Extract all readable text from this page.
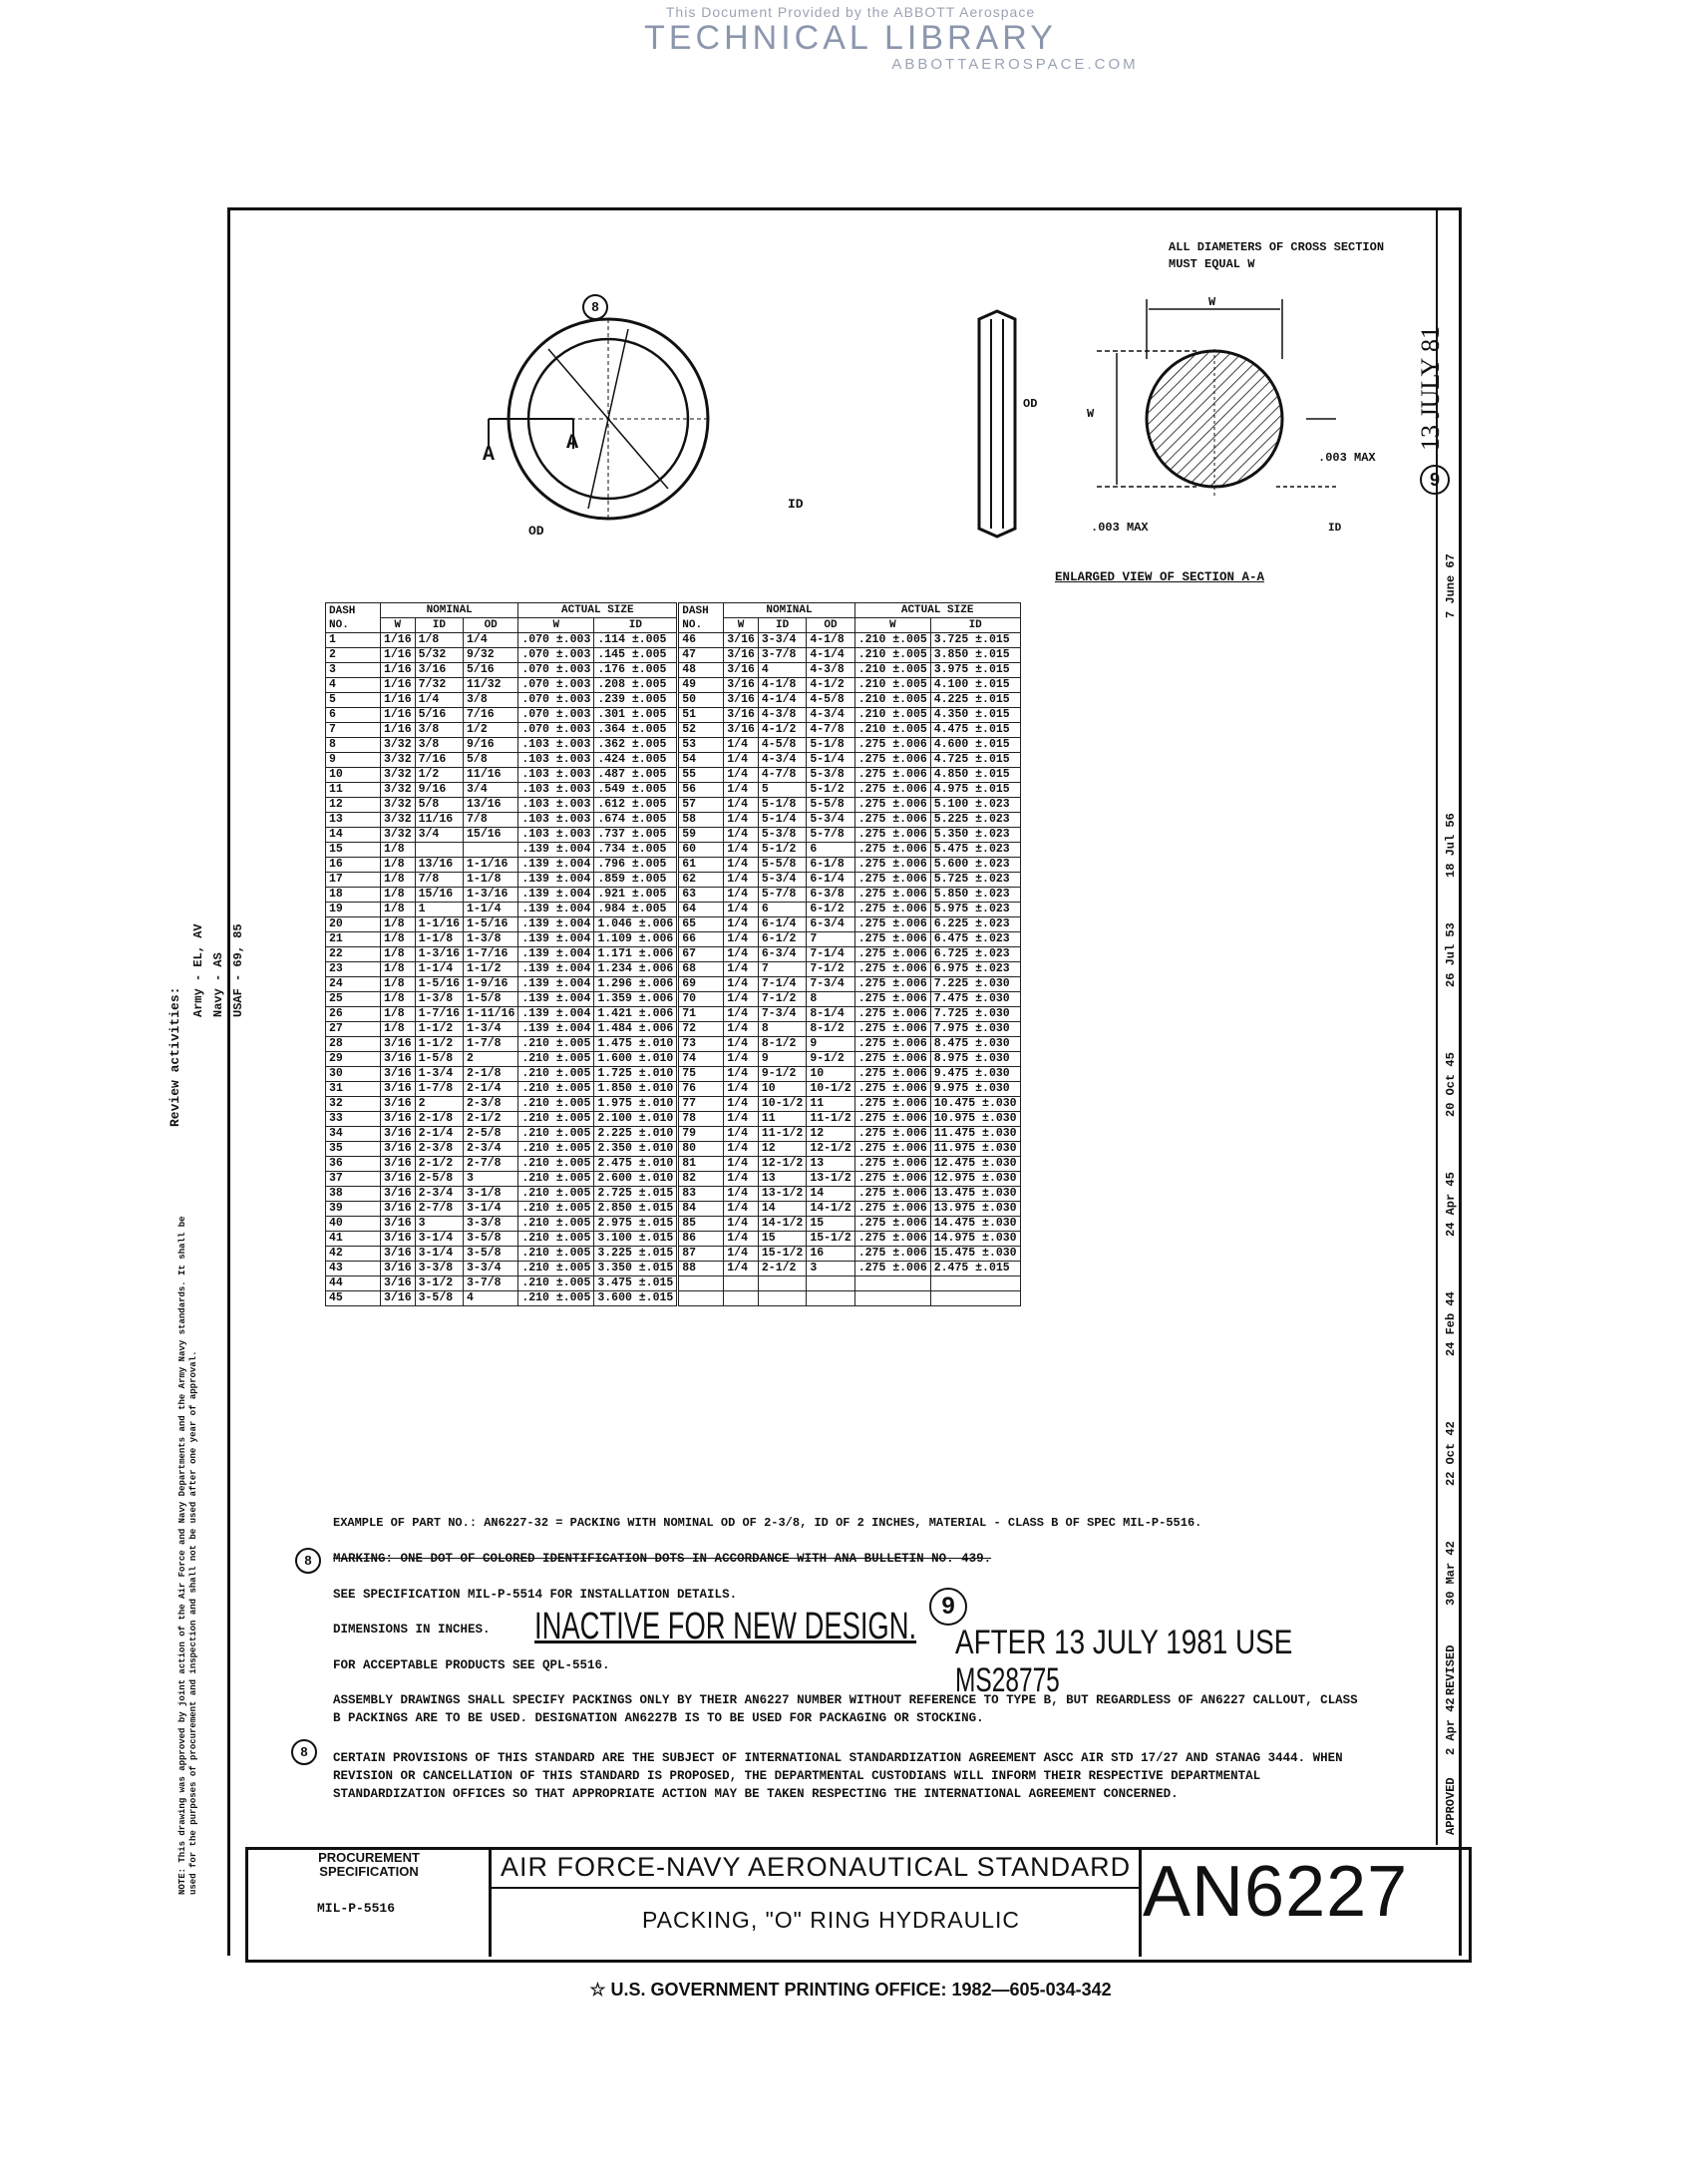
This Document Provided by the ABBOTT Aerospace
TECHNICAL LIBRARY
ABBOTTAEROSPACE.COM
8
A
A
OD
ID
OD
ALL DIAMETERS OF CROSS SECTION MUST EQUAL W
W
W
.003 MAX
.003 MAX	ID
ENLARGED VIEW OF SECTION A-A
DASH NO.	NOMINAL			ACTUAL SIZE		DASH NO.	NOMINAL			ACTUAL SIZE	
	W	ID	OD	W	ID		W	ID	OD	W	ID
1	1/16	1/8	1/4	.070 ±.003	.114 ±.005	46	3/16	3-3/4	4-1/8	.210 ±.005	3.725 ±.015
2	1/16	5/32	9/32	.070 ±.003	.145 ±.005	47	3/16	3-7/8	4-1/4	.210 ±.005	3.850 ±.015
3	1/16	3/16	5/16	.070 ±.003	.176 ±.005	48	3/16	4	4-3/8	.210 ±.005	3.975 ±.015
4	1/16	7/32	11/32	.070 ±.003	.208 ±.005	49	3/16	4-1/8	4-1/2	.210 ±.005	4.100 ±.015
5	1/16	1/4	3/8	.070 ±.003	.239 ±.005	50	3/16	4-1/4	4-5/8	.210 ±.005	4.225 ±.015
6	1/16	5/16	7/16	.070 ±.003	.301 ±.005	51	3/16	4-3/8	4-3/4	.210 ±.005	4.350 ±.015
7	1/16	3/8	1/2	.070 ±.003	.364 ±.005	52	3/16	4-1/2	4-7/8	.210 ±.005	4.475 ±.015
8	3/32	3/8	9/16	.103 ±.003	.362 ±.005	53	1/4	4-5/8	5-1/8	.275 ±.006	4.600 ±.015
9	3/32	7/16	5/8	.103 ±.003	.424 ±.005	54	1/4	4-3/4	5-1/4	.275 ±.006	4.725 ±.015
10	3/32	1/2	11/16	.103 ±.003	.487 ±.005	55	1/4	4-7/8	5-3/8	.275 ±.006	4.850 ±.015
11	3/32	9/16	3/4	.103 ±.003	.549 ±.005	56	1/4	5	5-1/2	.275 ±.006	4.975 ±.015
12	3/32	5/8	13/16	.103 ±.003	.612 ±.005	57	1/4	5-1/8	5-5/8	.275 ±.006	5.100 ±.023
13	3/32	11/16	7/8	.103 ±.003	.674 ±.005	58	1/4	5-1/4	5-3/4	.275 ±.006	5.225 ±.023
14	3/32	3/4	15/16	.103 ±.003	.737 ±.005	59	1/4	5-3/8	5-7/8	.275 ±.006	5.350 ±.023
15	1/8			.139 ±.004	.734 ±.005	60	1/4	5-1/2	6	.275 ±.006	5.475 ±.023
16	1/8	13/16	1-1/16	.139 ±.004	.796 ±.005	61	1/4	5-5/8	6-1/8	.275 ±.006	5.600 ±.023
17	1/8	7/8	1-1/8	.139 ±.004	.859 ±.005	62	1/4	5-3/4	6-1/4	.275 ±.006	5.725 ±.023
18	1/8	15/16	1-3/16	.139 ±.004	.921 ±.005	63	1/4	5-7/8	6-3/8	.275 ±.006	5.850 ±.023
19	1/8	1	1-1/4	.139 ±.004	.984 ±.005	64	1/4	6	6-1/2	.275 ±.006	5.975 ±.023
20	1/8	1-1/16	1-5/16	.139 ±.004	1.046 ±.006	65	1/4	6-1/4	6-3/4	.275 ±.006	6.225 ±.023
21	1/8	1-1/8	1-3/8	.139 ±.004	1.109 ±.006	66	1/4	6-1/2	7	.275 ±.006	6.475 ±.023
22	1/8	1-3/16	1-7/16	.139 ±.004	1.171 ±.006	67	1/4	6-3/4	7-1/4	.275 ±.006	6.725 ±.023
23	1/8	1-1/4	1-1/2	.139 ±.004	1.234 ±.006	68	1/4	7	7-1/2	.275 ±.006	6.975 ±.023
24	1/8	1-5/16	1-9/16	.139 ±.004	1.296 ±.006	69	1/4	7-1/4	7-3/4	.275 ±.006	7.225 ±.030
25	1/8	1-3/8	1-5/8	.139 ±.004	1.359 ±.006	70	1/4	7-1/2	8	.275 ±.006	7.475 ±.030
26	1/8	1-7/16	1-11/16	.139 ±.004	1.421 ±.006	71	1/4	7-3/4	8-1/4	.275 ±.006	7.725 ±.030
27	1/8	1-1/2	1-3/4	.139 ±.004	1.484 ±.006	72	1/4	8	8-1/2	.275 ±.006	7.975 ±.030
28	3/16	1-1/2	1-7/8	.210 ±.005	1.475 ±.010	73	1/4	8-1/2	9	.275 ±.006	8.475 ±.030
29	3/16	1-5/8	2	.210 ±.005	1.600 ±.010	74	1/4	9	9-1/2	.275 ±.006	8.975 ±.030
30	3/16	1-3/4	2-1/8	.210 ±.005	1.725 ±.010	75	1/4	9-1/2	10	.275 ±.006	9.475 ±.030
31	3/16	1-7/8	2-1/4	.210 ±.005	1.850 ±.010	76	1/4	10	10-1/2	.275 ±.006	9.975 ±.030
32	3/16	2	2-3/8	.210 ±.005	1.975 ±.010	77	1/4	10-1/2	11	.275 ±.006	10.475 ±.030
33	3/16	2-1/8	2-1/2	.210 ±.005	2.100 ±.010	78	1/4	11	11-1/2	.275 ±.006	10.975 ±.030
34	3/16	2-1/4	2-5/8	.210 ±.005	2.225 ±.010	79	1/4	11-1/2	12	.275 ±.006	11.475 ±.030
35	3/16	2-3/8	2-3/4	.210 ±.005	2.350 ±.010	80	1/4	12	12-1/2	.275 ±.006	11.975 ±.030
36	3/16	2-1/2	2-7/8	.210 ±.005	2.475 ±.010	81	1/4	12-1/2	13	.275 ±.006	12.475 ±.030
37	3/16	2-5/8	3	.210 ±.005	2.600 ±.010	82	1/4	13	13-1/2	.275 ±.006	12.975 ±.030
38	3/16	2-3/4	3-1/8	.210 ±.005	2.725 ±.015	83	1/4	13-1/2	14	.275 ±.006	13.475 ±.030
39	3/16	2-7/8	3-1/4	.210 ±.005	2.850 ±.015	84	1/4	14	14-1/2	.275 ±.006	13.975 ±.030
40	3/16	3	3-3/8	.210 ±.005	2.975 ±.015	85	1/4	14-1/2	15	.275 ±.006	14.475 ±.030
41	3/16	3-1/4	3-5/8	.210 ±.005	3.100 ±.015	86	1/4	15	15-1/2	.275 ±.006	14.975 ±.030
42	3/16	3-1/4	3-5/8	.210 ±.005	3.225 ±.015	87	1/4	15-1/2	16	.275 ±.006	15.475 ±.030
43	3/16	3-3/8	3-3/4	.210 ±.005	3.350 ±.015	88	1/4	2-1/2	3	.275 ±.006	2.475 ±.015
44	3/16	3-1/2	3-7/8	.210 ±.005	3.475 ±.015						
45	3/16	3-5/8	4	.210 ±.005	3.600 ±.015						
EXAMPLE OF PART NO.: AN6227-32 = PACKING WITH NOMINAL OD OF 2-3/8, ID OF 2 INCHES, MATERIAL - CLASS B OF SPEC MIL-P-5516.
8	MARKING: ONE DOT OF COLORED IDENTIFICATION DOTS IN ACCORDANCE WITH ANA BULLETIN NO. 439.
SEE SPECIFICATION MIL-P-5514 FOR INSTALLATION DETAILS.
DIMENSIONS IN INCHES. INACTIVE FOR NEW DESIGN.	9
AFTER 13 JULY 1981 USE
MS28775
FOR ACCEPTABLE PRODUCTS SEE QPL-5516.
ASSEMBLY DRAWINGS SHALL SPECIFY PACKINGS ONLY BY THEIR AN6227 NUMBER WITHOUT REFERENCE TO TYPE B, BUT REGARDLESS OF AN6227 CALLOUT, CLASS B PACKINGS ARE TO BE USED. DESIGNATION AN6227B IS TO BE USED FOR PACKAGING OR STOCKING.
8	CERTAIN PROVISIONS OF THIS STANDARD ARE THE SUBJECT OF INTERNATIONAL STANDARDIZATION AGREEMENT ASCC AIR STD 17/27 AND STANAG 3444. WHEN REVISION OR CANCELLATION OF THIS STANDARD IS PROPOSED, THE DEPARTMENTAL CUSTODIANS WILL INFORM THEIR RESPECTIVE DEPARTMENTAL STANDARDIZATION OFFICES SO THAT APPROPRIATE ACTION MAY BE TAKEN RESPECTING THE INTERNATIONAL AGREEMENT CONCERNED.
Review activities:
Army - EL, AV Navy - AS USAF - 69, 85
NOTE: This drawing was approved by joint action of the Air Force and Navy Departments and the Army Navy standards. It shall be used for the purposes of procurement and inspection and shall not be used after one year of approval.	APPROVED
2 Apr 42
REVISED
30 Mar 42
22 Oct 42
24 Feb 44
24 Apr 45
20 Oct 45
26 Jul 53
18 Jul 56
7 June 67
9
13 JULY 81
PROCUREMENT SPECIFICATION
MIL-P-5516
AIR FORCE-NAVY AERONAUTICAL STANDARD
PACKING, "O" RING HYDRAULIC AN6227
☆ U.S. GOVERNMENT PRINTING OFFICE: 1982—605-034-342
